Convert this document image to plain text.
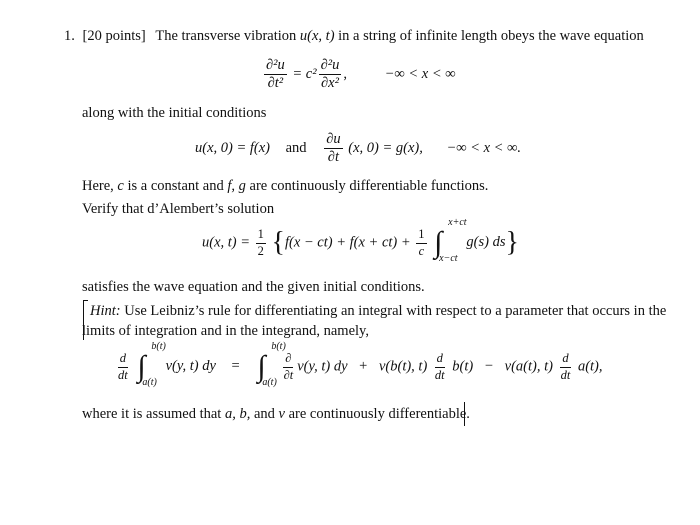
1. [20 points] The transverse vibration u(x, t) in a string of infinite length obeys the wave equation
$\frac{\text{∂²u}}{\text{∂t²}} = c^2 \frac{\text{∂²u}}{\text{∂x²}}$ ,	−∞ < x < ∞
along with the initial conditions
u(x, 0) = f(x) and $\frac{\partial u}{\partial t} (x$, 0) = g(x), −∞ < x < ∞.
Here, c is a constant and f, g are continuously differentiable functions.
Verify that d’Alembert’s solution
u(x, $t) = \frac{1}{2} \{f(x - ct) + f(x + ct) + \frac{1}{c}$ ∫
x+ct
x−ct
g(s) ds}
satisfies the wave equation and the given initial conditions.
Hint: Use Leibniz’s rule for differentiating an integral with respect to a parameter that occurs in the
limits of integration and in the integrand, namely,
$\frac{d}{dt}$ ∫
b(t)
a(t)
v(y, t) dy = ∫
b(t)
a(t)
$\frac{\partial}{\partial t} v(y$, t) dy + v(b(t), $t) \frac{d}{dt} b(t) - v(a(t)$, $t) \frac{d}{dt} a(t)$,
where it is assumed that a, b, and v are continuously differentiable.
